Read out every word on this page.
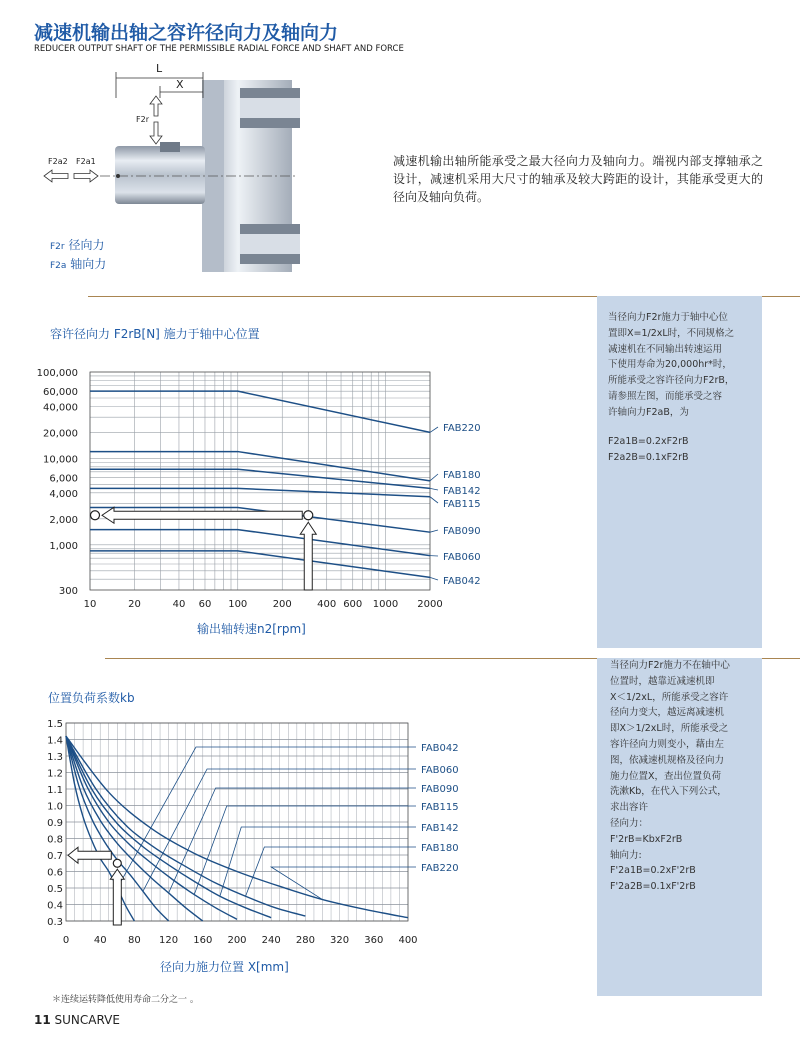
减速机输出轴之容许径向力及轴向力
REDUCER OUTPUT SHAFT OF THE PERMISSIBLE RADIAL FORCE AND SHAFT AND FORCE
L
X
F2r
F2a2 F2a1
F2r 径向力
F2a 轴向力
减速机输出轴所能承受之最大径向力及轴向力。端视内部支撑轴承之设计，减速机采用大尺寸的轴承及较大跨距的设计，其能承受更大的径向及轴向负荷。
当径向力F2r施力于轴中心位
置即X=1/2xL时，不同规格之
减速机在不同输出转速运用
下使用寿命为20,000hr*时，
所能承受之容许径向力F2rB，
请参照左图，而能承受之容
许轴向力F2aB，为
F2a1B=0.2xF2rB
F2a2B=0.1xF2rB
当径向力F2r施力不在轴中心
位置时，越靠近减速机即
X＜1/2xL，所能承受之容许
径向力变大，越远离减速机
即X＞1/2xL时，所能承受之
容许径向力则变小，藉由左
图，依减速机规格及径向力
施力位置X，查出位置负荷
洗漱Kb，在代入下列公式，
求出容许
径向力：
F'2rB=KbxF2rB
轴向力:
F'2a1B=0.2xF'2rB
F'2a2B=0.1xF'2rB
容许径向力 F2rB[N] 施力于轴中心位置
位置负荷系数kb
10	20	40 60 100	200	400 600 1000 2000
100,000
60,000
40,000
20,000
10,000
6,000
4,000
2,000
1,000
300
FAB220
FAB180
FAB142
FAB115
FAB090
FAB060
FAB042
输出轴转速n2[rpm]
0 40 80 120 160 200 240 280 320 360 400
1.5
1.4
1.3
1.2
1.1
1.0
0.9
0.8
0.7
0.6
0.5
0.4
0.3
FAB042
FAB060
FAB090
FAB115
FAB142
FAB180
FAB220
径向力施力位置 X[mm]
＊连续运转降低使用寿命二分之一 。
11 SUNCARVE
